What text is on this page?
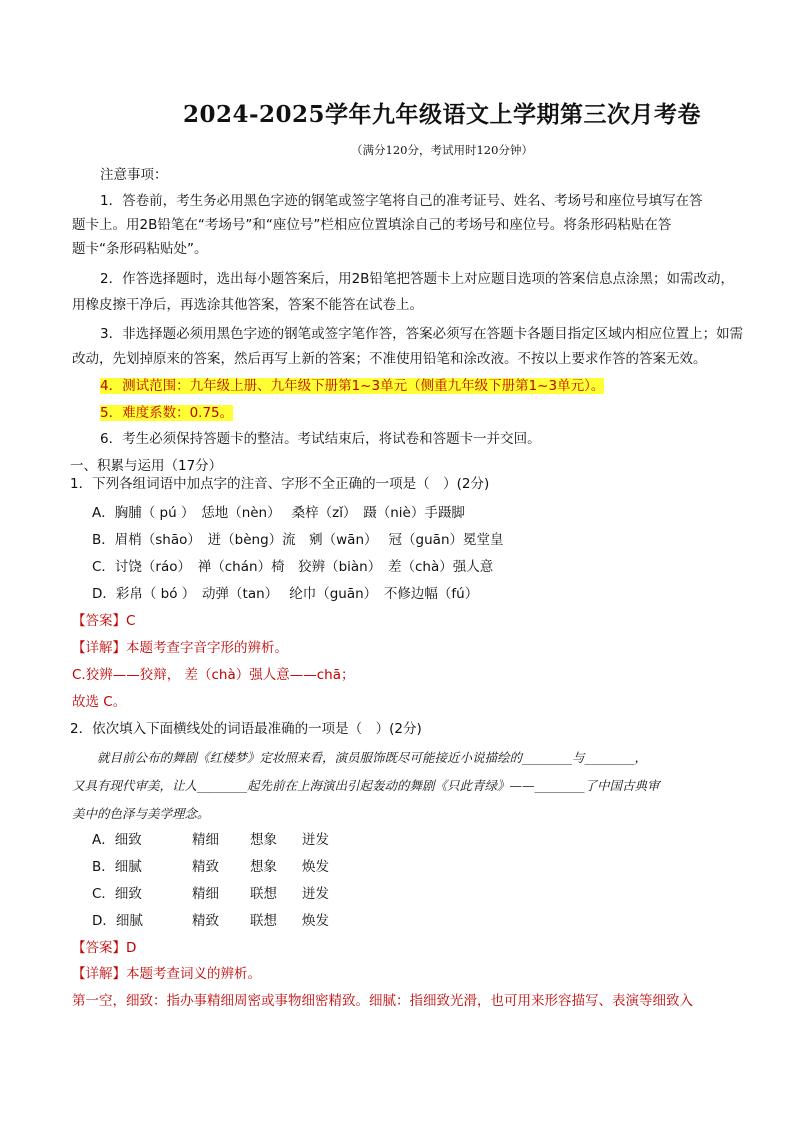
2024-2025学年九年级语文上学期第三次月考卷
（满分120分，考试用时120分钟）
注意事项：
1．答卷前，考生务必用黑色字迹的钢笔或签字笔将自己的准考证号、姓名、考场号和座位号填写在答
题卡上。用2B铅笔在“考场号”和“座位号”栏相应位置填涂自己的考场号和座位号。将条形码粘贴在答
题卡“条形码粘贴处”。
2．作答选择题时，选出每小题答案后，用2B铅笔把答题卡上对应题目选项的答案信息点涂黑；如需改动，
用橡皮擦干净后，再选涂其他答案，答案不能答在试卷上。
3．非选择题必须用黑色字迹的钢笔或签字笔作答，答案必须写在答题卡各题目指定区域内相应位置上；如需
改动，先划掉原来的答案，然后再写上新的答案；不准使用铅笔和涂改液。不按以上要求作答的答案无效。
4．测试范围：九年级上册、九年级下册第1~3单元（侧重九年级下册第1~3单元）。
5．难度系数：0.75。
6．考生必须保持答题卡的整洁。考试结束后，将试卷和答题卡一并交回。
一、积累与运用（17分）
1．下列各组词语中加点字的注音、字形不全正确的一项是（　）(2分)
A．胸脯（ pú ）　恁地（nèn）　 桑梓（zǐ）　蹑（niè）手蹑脚
B．眉梢（shāo）　迸（bèng）流　剜（wān）　 冠（guān）冕堂皇
C．讨饶（ráo）　禅（chán）椅　狡辨（biàn）　差（chà）强人意
D．彩帛（ bó ）　动弹（tan）　 纶巾（guān）　不修边幅（fú）
【答案】C
【详解】本题考查字音字形的辨析。
C.狡辨——狡辩， 差（chà）强人意——chā；
故选 C。
2．依次填入下面横线处的词语最准确的一项是（　）(2分)
　　就目前公布的舞剧《红楼梦》定妆照来看，演员服饰既尽可能接近小说描绘的________与________，
又具有现代审美，让人________起先前在上海演出引起轰动的舞剧《只此青绿》——________了中国古典审
美中的色泽与美学理念。
A．细致	精细 想象 迸发
B．细腻	精致 想象 焕发
C．细致	精细 联想 迸发
D．细腻	精致 联想 焕发
【答案】D
【详解】本题考查词义的辨析。
第一空，细致：指办事精细周密或事物细密精致。细腻：指细致光滑，也可用来形容描写、表演等细致入
